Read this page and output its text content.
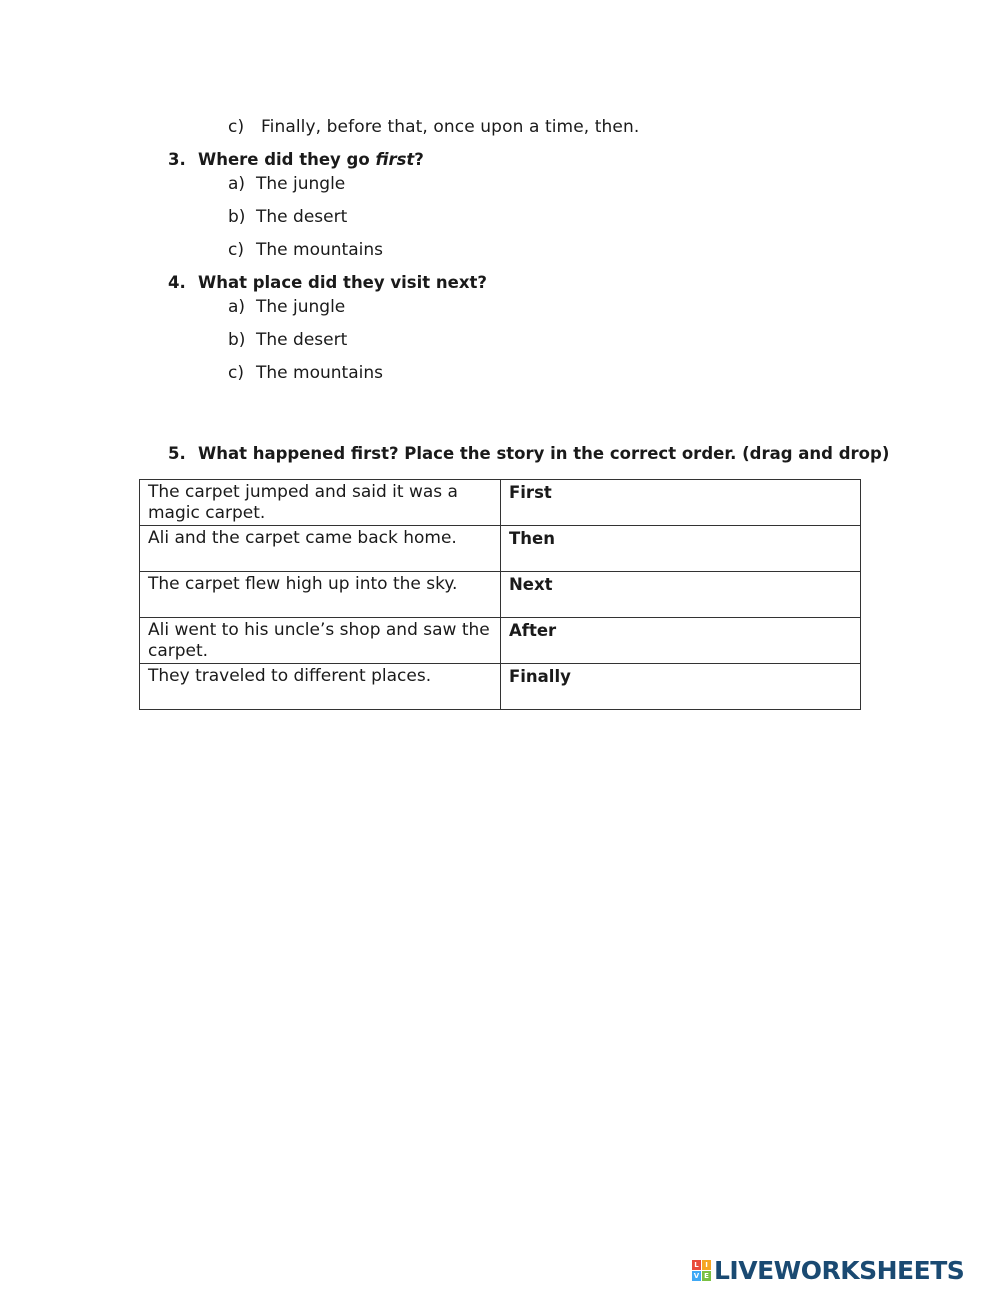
c) Finally, before that, once upon a time, then.
3. Where did they go first?
a) The jungle
b) The desert
c) The mountains
4. What place did they visit next?
a) The jungle
b) The desert
c) The mountains
5. What happened first? Place the story in the correct order. (drag and drop)
The carpet jumped and said it was a magic carpet.	First
Ali and the carpet came back home.	Then
The carpet flew high up into the sky.	Next
Ali went to his uncle’s shop and saw the carpet.	After
They traveled to different places.	Finally
L I
V E LIVEWORKSHEETS
